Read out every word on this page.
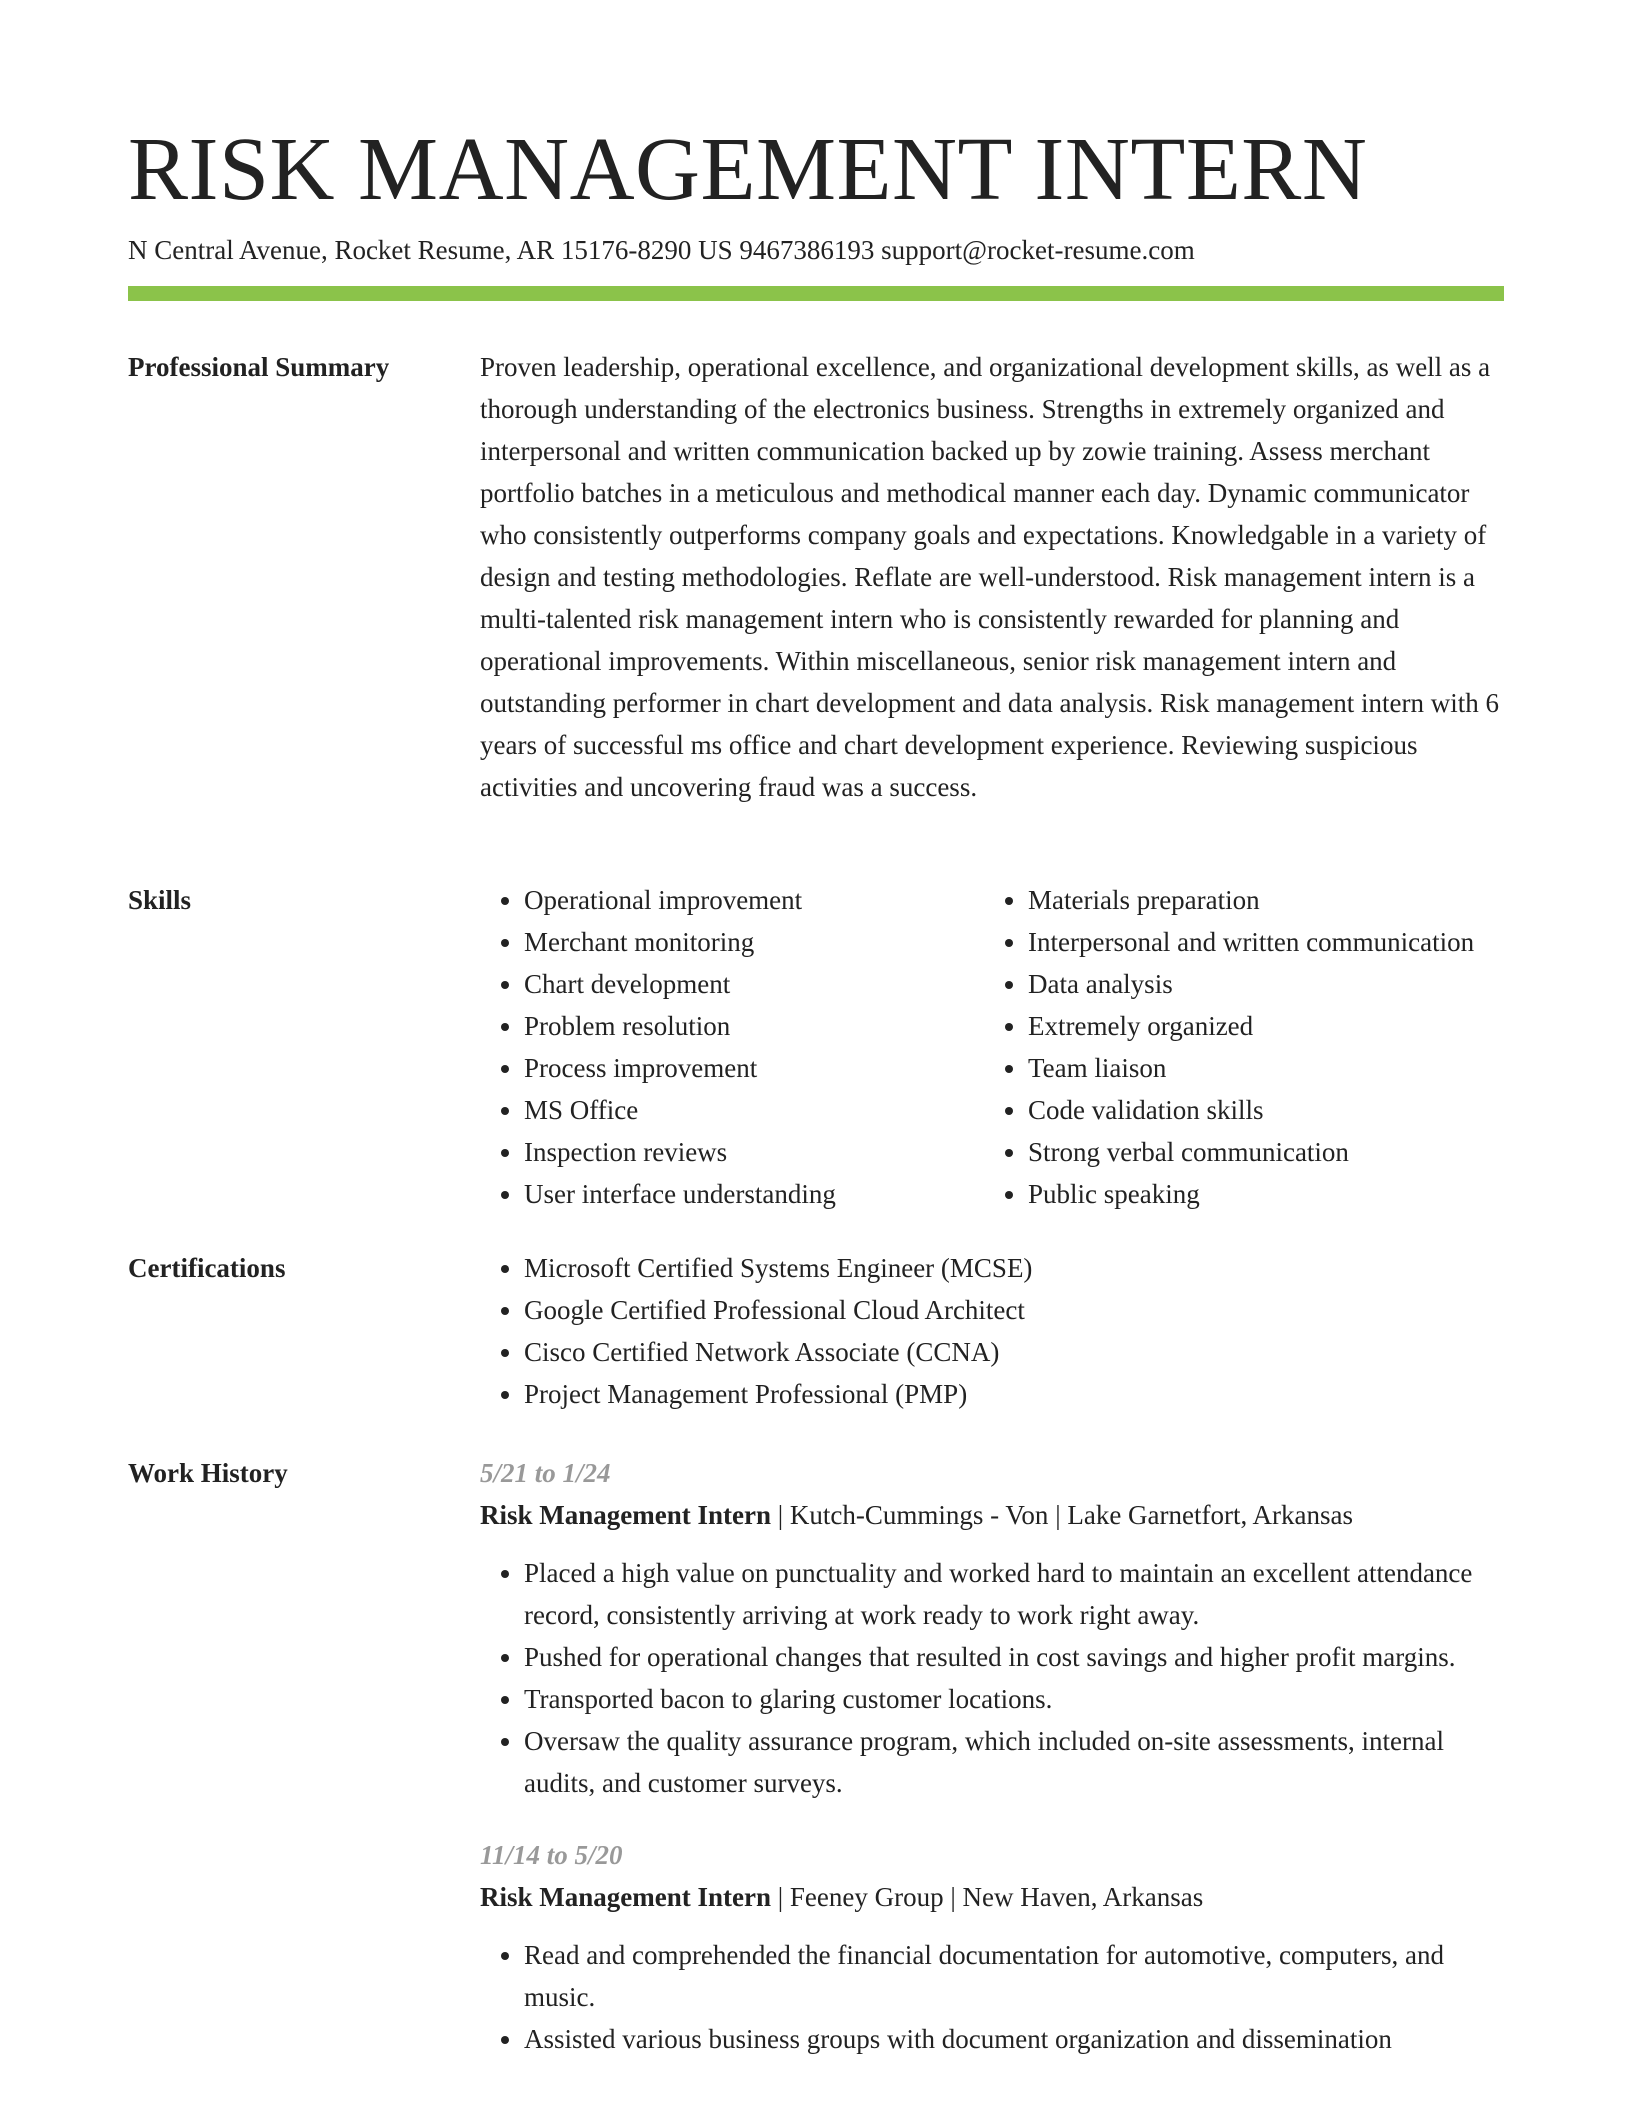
RISK MANAGEMENT INTERN

N Central Avenue, Rocket Resume, AR 15176-8290 US 9467386193 support@rocket-resume.com

Professional Summary	Proven leadership, operational excellence, and organizational development skills, as well as a thorough understanding of the electronics business. Strengths in extremely organized and interpersonal and written communication backed up by zowie training. Assess merchant portfolio batches in a meticulous and methodical manner each day. Dynamic communicator who consistently outperforms company goals and expectations. Knowledgable in a variety of design and testing methodologies. Reflate are well-understood. Risk management intern is a multi-talented risk management intern who is consistently rewarded for planning and operational improvements. Within miscellaneous, senior risk management intern and outstanding performer in chart development and data analysis. Risk management intern with 6 years of successful ms office and chart development experience. Reviewing suspicious activities and uncovering fraud was a success.

Skills	• Operational improvement
• Merchant monitoring
• Chart development
• Problem resolution
• Process improvement
• MS Office
• Inspection reviews
• User interface understanding
• Materials preparation
• Interpersonal and written communication
• Data analysis
• Extremely organized
• Team liaison
• Code validation skills
• Strong verbal communication
• Public speaking
Certifications	• Microsoft Certified Systems Engineer (MCSE)
• Google Certified Professional Cloud Architect
• Cisco Certified Network Associate (CCNA)
• Project Management Professional (PMP)
Work History	5/21 to 1/24
Risk Management Intern | Kutch-Cummings - Von | Lake Garnetfort, Arkansas
• Placed a high value on punctuality and worked hard to maintain an excellent attendance record, consistently arriving at work ready to work right away.
• Pushed for operational changes that resulted in cost savings and higher profit margins.
• Transported bacon to glaring customer locations.
• Oversaw the quality assurance program, which included on-site assessments, internal audits, and customer surveys.
11/14 to 5/20
Risk Management Intern | Feeney Group | New Haven, Arkansas
• Read and comprehended the financial documentation for automotive, computers, and music.
• Assisted various business groups with document organization and dissemination
